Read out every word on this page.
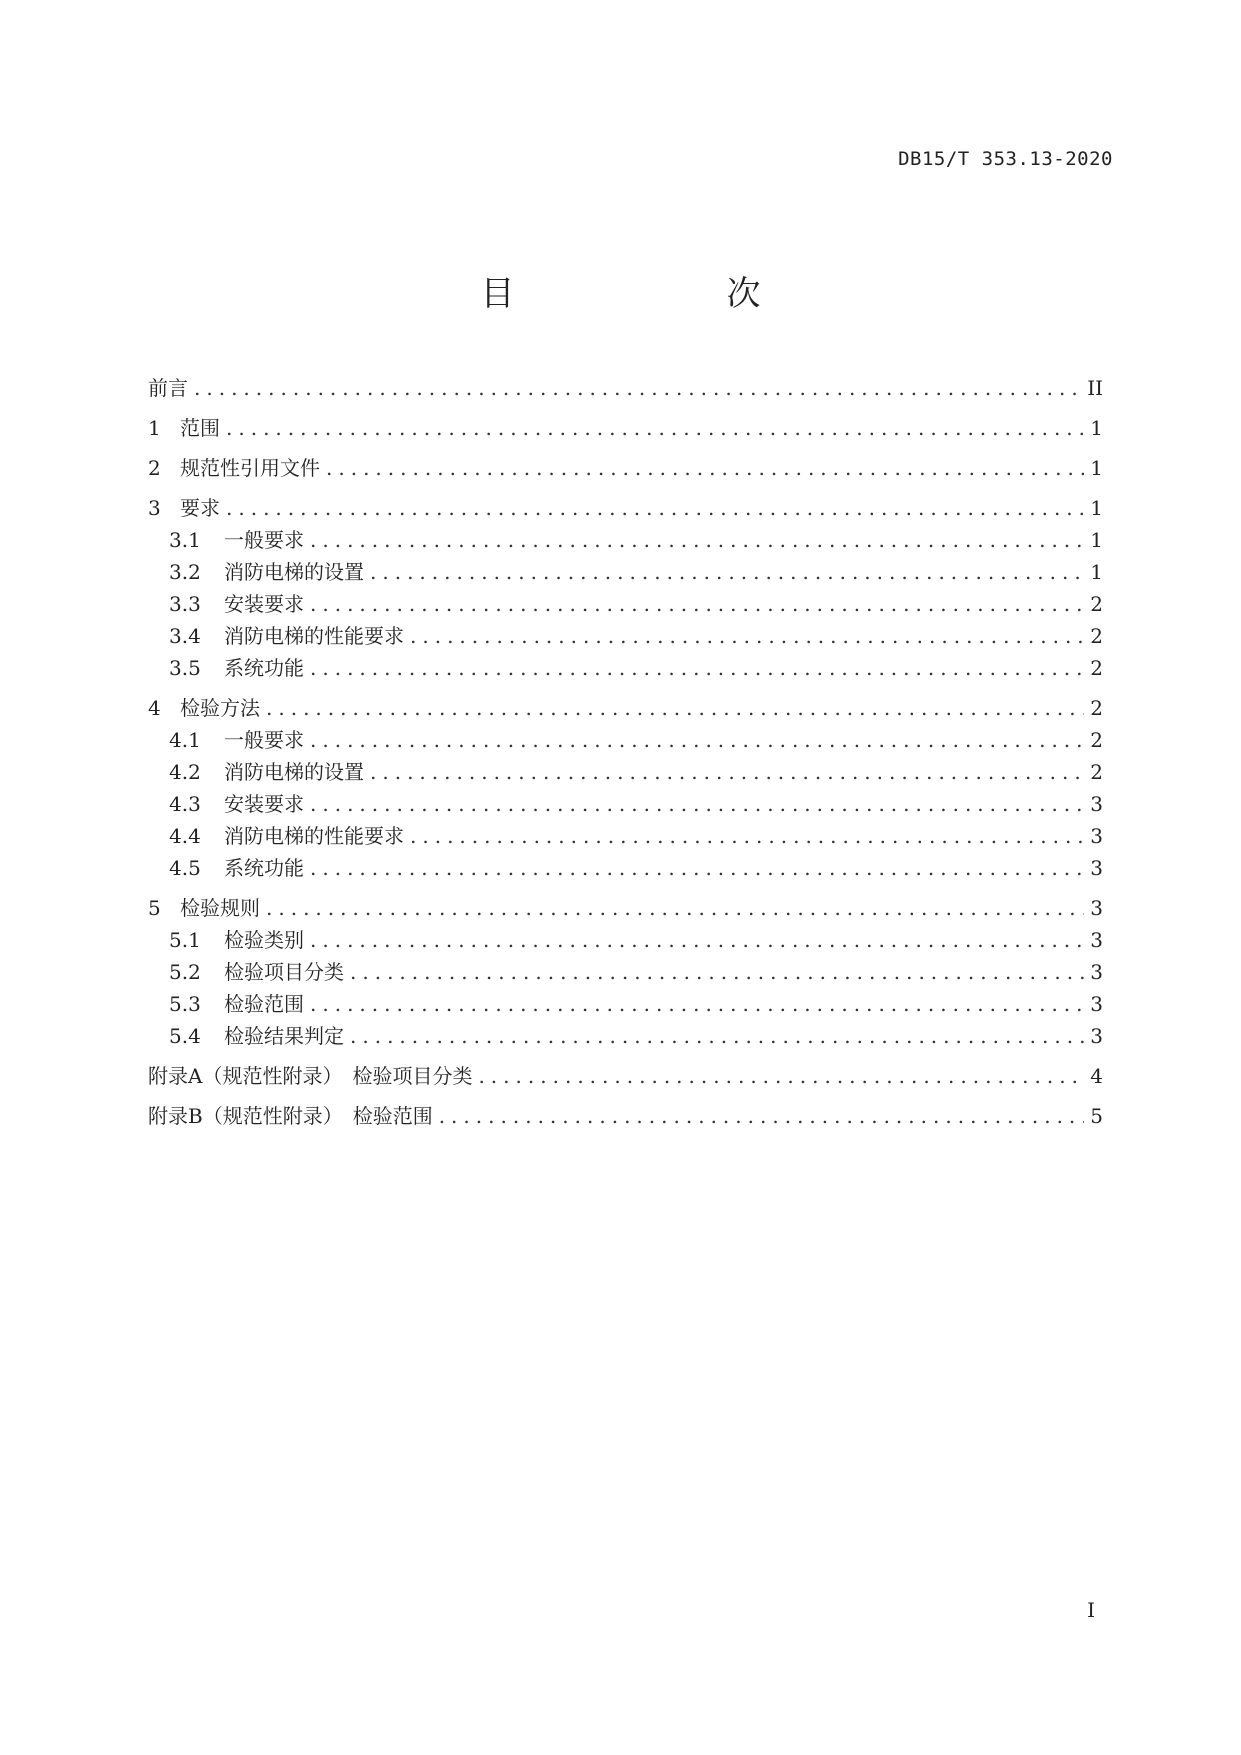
DB15/T 353.13-2020
目　　次
前言 .....	II
1 范围 .....	1
2 规范性引用文件 .....	1
3 要求 .....	1
3.1	一般要求 .....	1
3.2	消防电梯的设置 .....	1
3.3	安装要求 .....	2
3.4	消防电梯的性能要求 .....	2
3.5	系统功能 .....	2
4 检验方法 .....	2
4.1	一般要求 .....	2
4.2	消防电梯的设置 .....	2
4.3	安装要求 .....	3
4.4	消防电梯的性能要求 .....	3
4.5	系统功能 .....	3
5 检验规则 .....	3
5.1	检验类别 .....	3
5.2	检验项目分类 .....	3
5.3	检验范围 .....	3
5.4	检验结果判定 .....	3
附录A（规范性附录）　检验项目分类 .....	4
附录B（规范性附录）　检验范围 .....	5
I
